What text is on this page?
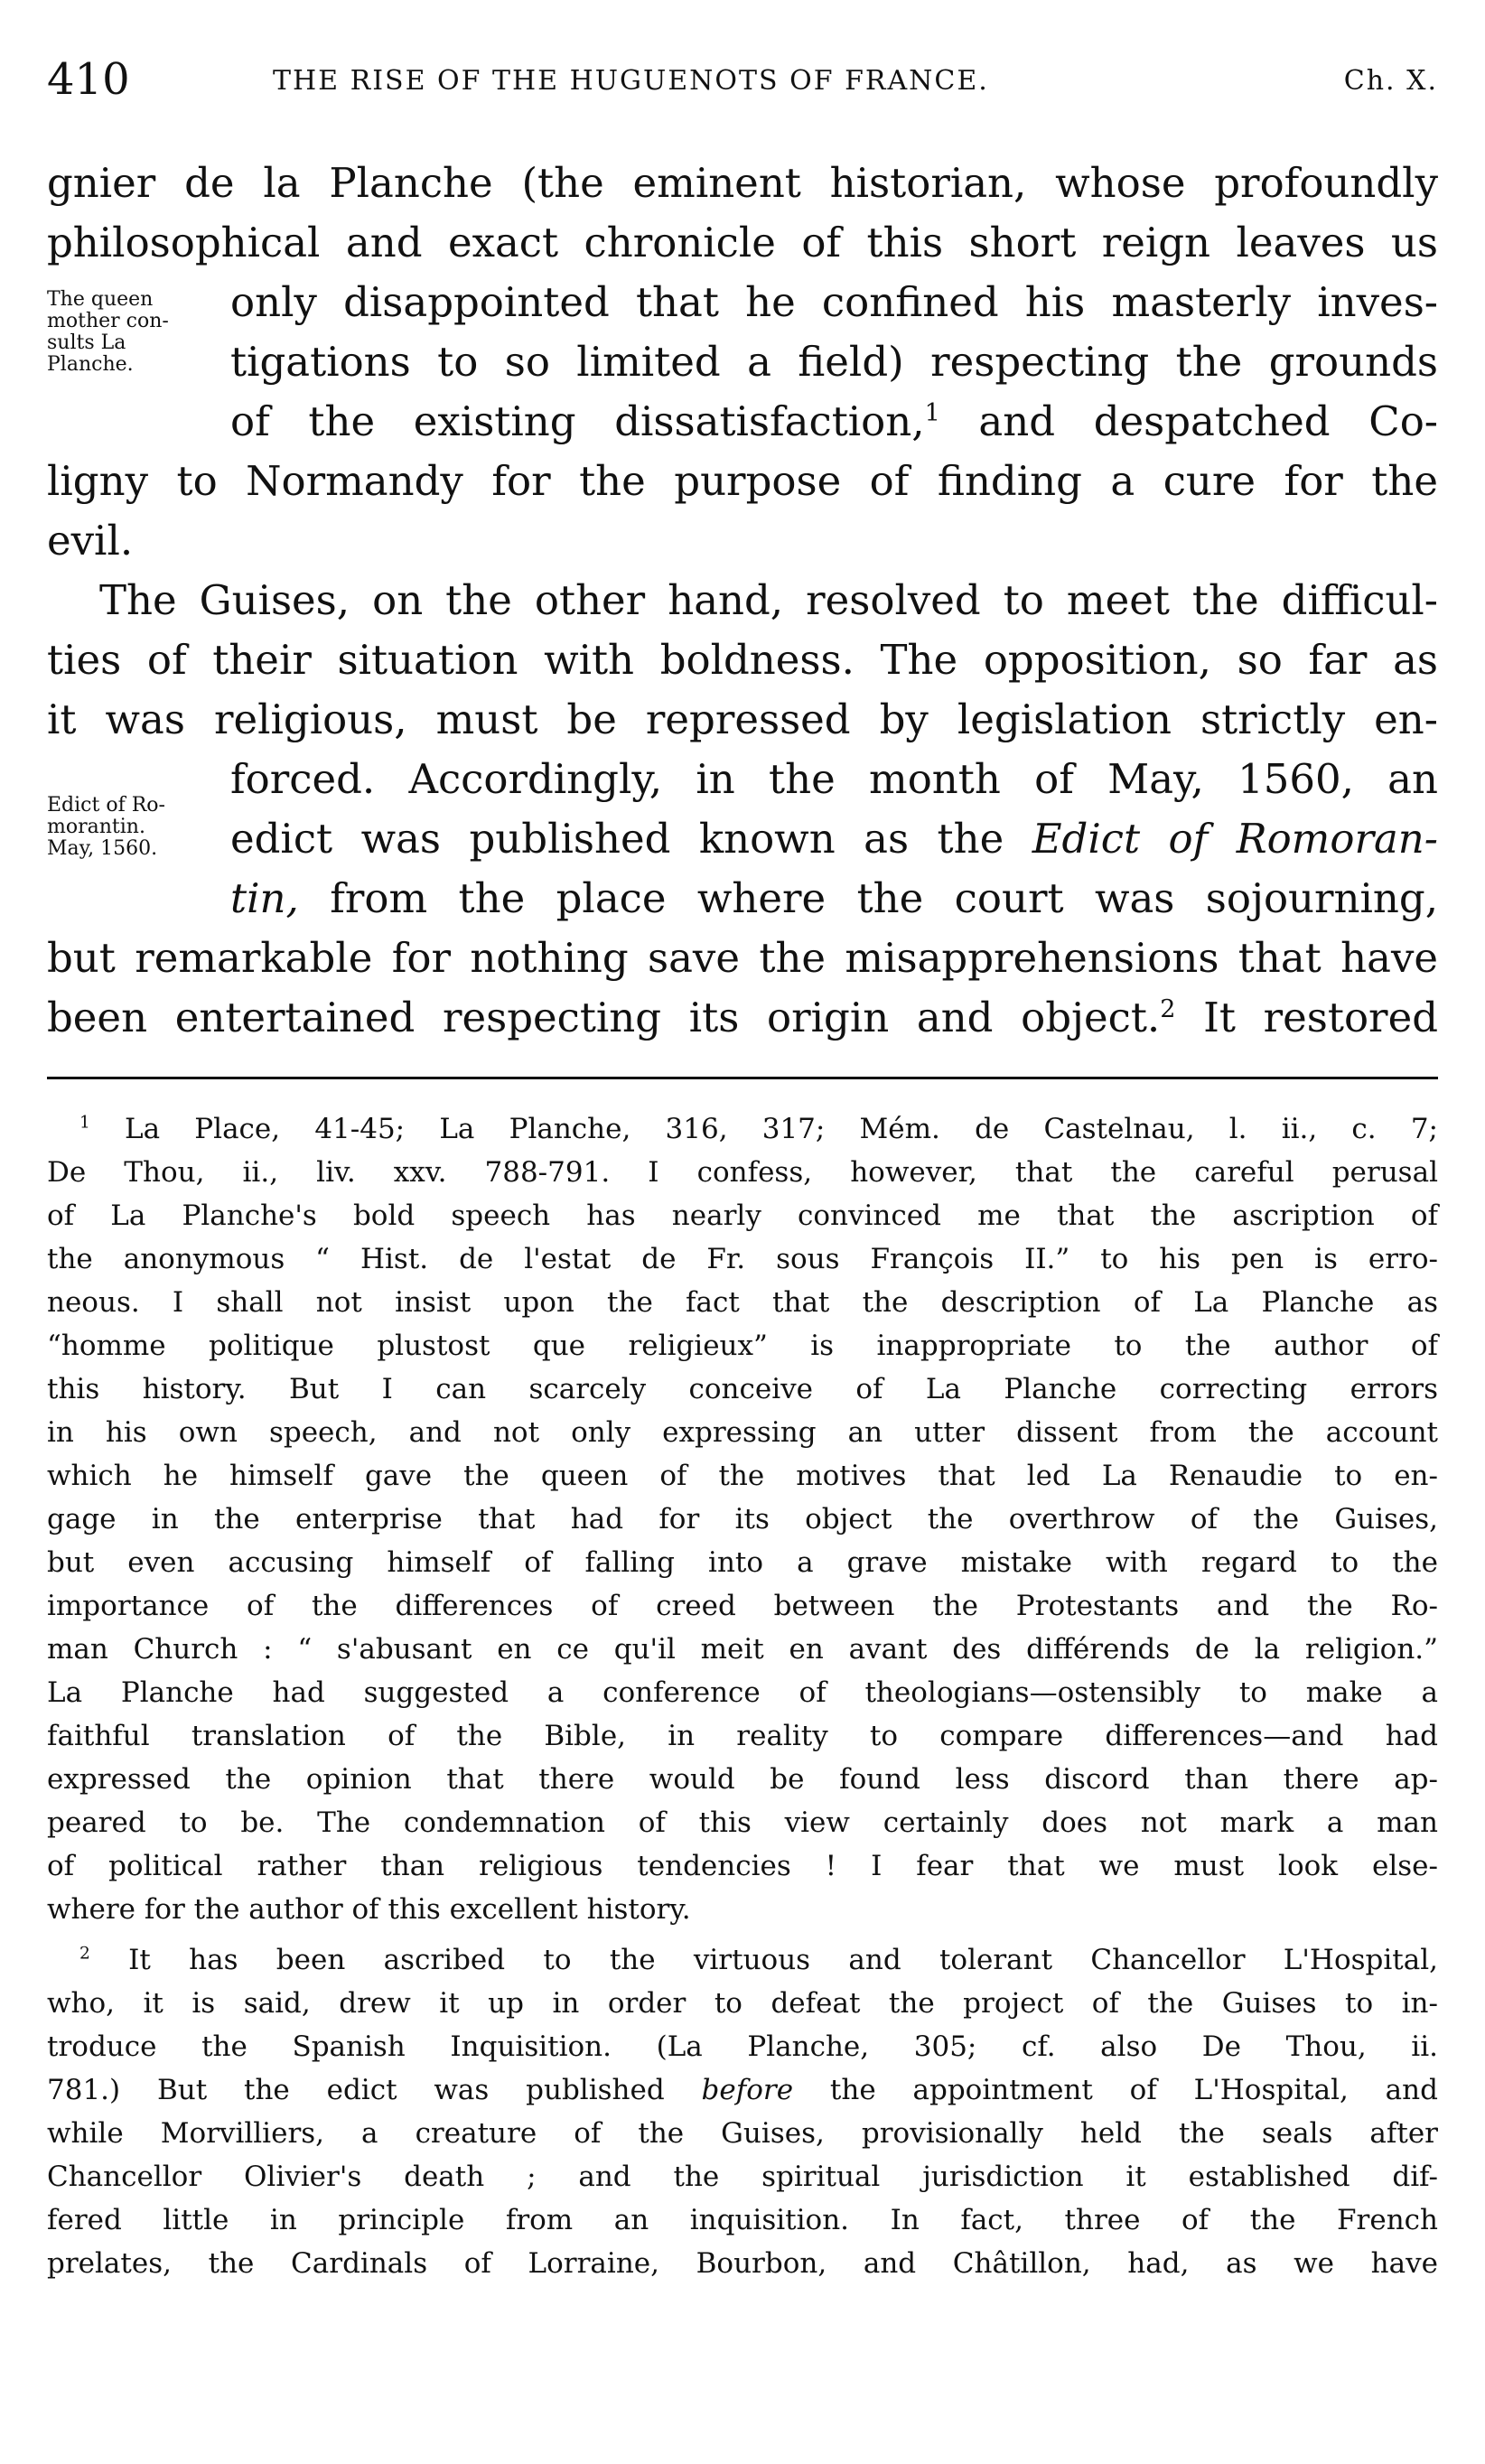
410	THE RISE OF THE HUGUENOTS OF FRANCE.	Ch. X.
gnier de la Planche (the eminent historian, whose profoundly
philosophical and exact chronicle of this short reign leaves us
only disappointed that he confined his masterly inves-
tigations to so limited a field) respecting the grounds
of the existing dissatisfaction,$^1$ and despatched Co-
ligny to Normandy for the purpose of finding a cure for the
evil.
The Guises, on the other hand, resolved to meet the difficul-
ties of their situation with boldness. The opposition, so far as
it was religious, must be repressed by legislation strictly en-
forced. Accordingly, in the month of May, 1560, an
edict was published known as the Edict of Romoran-
tin, from the place where the court was sojourning,
but remarkable for nothing save the misapprehensions that have
been entertained respecting its origin and object.$^2$ It restored
The queen
mother con-
sults La
Planche.
Edict of Ro-
morantin.
May, 1560.
$^1$ La Place, 41-45; La Planche, 316, 317; Mém. de Castelnau, l. ii., c. 7;
De Thou, ii., liv. xxv. 788-791. I confess, however, that the careful perusal
of La Planche's bold speech has nearly convinced me that the ascription of
the anonymous “ Hist. de l'estat de Fr. sous François II.” to his pen is erro-
neous. I shall not insist upon the fact that the description of La Planche as
“homme politique plustost que religieux” is inappropriate to the author of
this history. But I can scarcely conceive of La Planche correcting errors
in his own speech, and not only expressing an utter dissent from the account
which he himself gave the queen of the motives that led La Renaudie to en-
gage in the enterprise that had for its object the overthrow of the Guises,
but even accusing himself of falling into a grave mistake with regard to the
importance of the differences of creed between the Protestants and the Ro-
man Church : “ s'abusant en ce qu'il meit en avant des différends de la religion.”
La Planche had suggested a conference of theologians—ostensibly to make a
faithful translation of the Bible, in reality to compare differences—and had
expressed the opinion that there would be found less discord than there ap-
peared to be. The condemnation of this view certainly does not mark a man
of political rather than religious tendencies ! I fear that we must look else-
where for the author of this excellent history.
$^2$ It has been ascribed to the virtuous and tolerant Chancellor L'Hospital,
who, it is said, drew it up in order to defeat the project of the Guises to in-
troduce the Spanish Inquisition. (La Planche, 305; cf. also De Thou, ii.
781.) But the edict was published before the appointment of L'Hospital, and
while Morvilliers, a creature of the Guises, provisionally held the seals after
Chancellor Olivier's death ; and the spiritual jurisdiction it established dif-
fered little in principle from an inquisition. In fact, three of the French
prelates, the Cardinals of Lorraine, Bourbon, and Châtillon, had, as we have
